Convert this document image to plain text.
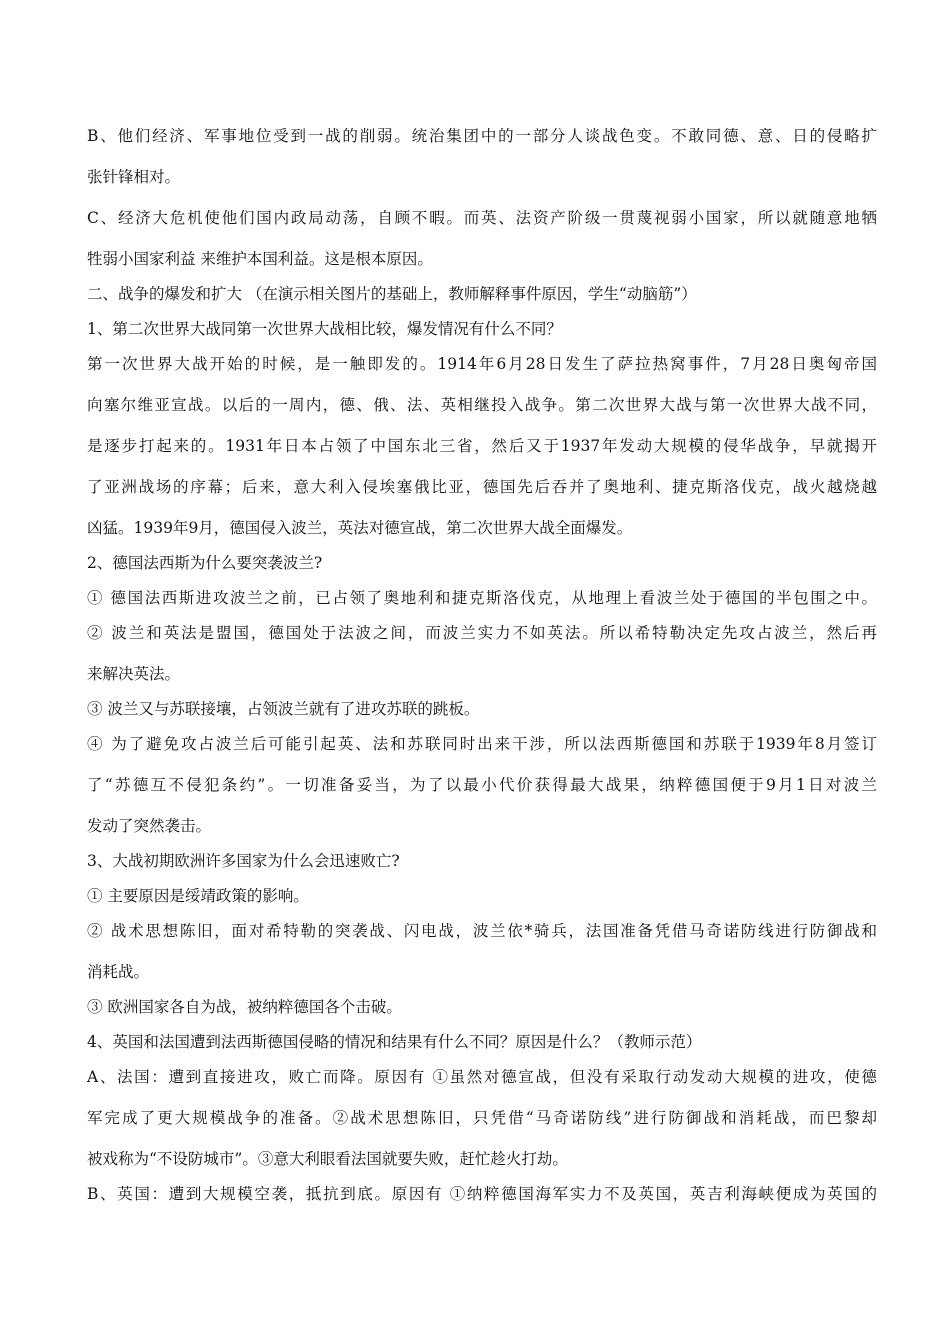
B、他们经济、军事地位受到一战的削弱。统治集团中的一部分人谈战色变。不敢同德、意、日的侵略扩

张针锋相对。

C、经济大危机使他们国内政局动荡，自顾不暇。而英、法资产阶级一贯蔑视弱小国家，所以就随意地牺

牲弱小国家利益 来维护本国利益。这是根本原因。

二、战争的爆发和扩大 （在演示相关图片的基础上，教师解释事件原因，学生“动脑筋”）

1、第二次世界大战同第一次世界大战相比较，爆发情况有什么不同？

第一次世界大战开始的时候，是一触即发的。1914年6月28日发生了萨拉热窝事件，7月28日奥匈帝国

向塞尔维亚宣战。以后的一周内，德、俄、法、英相继投入战争。第二次世界大战与第一次世界大战不同，

是逐步打起来的。1931年日本占领了中国东北三省，然后又于1937年发动大规模的侵华战争，早就揭开

了亚洲战场的序幕；后来，意大利入侵埃塞俄比亚，德国先后吞并了奥地利、捷克斯洛伐克，战火越烧越

凶猛。1939年9月，德国侵入波兰，英法对德宣战，第二次世界大战全面爆发。

2、德国法西斯为什么要突袭波兰?

① 德国法西斯进攻波兰之前，已占领了奥地利和捷克斯洛伐克，从地理上看波兰处于德国的半包围之中。

② 波兰和英法是盟国，德国处于法波之间，而波兰实力不如英法。所以希特勒决定先攻占波兰，然后再

来解决英法。

③ 波兰又与苏联接壤，占领波兰就有了进攻苏联的跳板。

④ 为了避免攻占波兰后可能引起英、法和苏联同时出来干涉，所以法西斯德国和苏联于1939年8月签订

了“苏德互不侵犯条约”。一切准备妥当，为了以最小代价获得最大战果，纳粹德国便于9月1日对波兰

发动了突然袭击。

3、大战初期欧洲许多国家为什么会迅速败亡?

① 主要原因是绥靖政策的影响。

② 战术思想陈旧，面对希特勒的突袭战、闪电战，波兰依*骑兵，法国准备凭借马奇诺防线进行防御战和

消耗战。

③ 欧洲国家各自为战，被纳粹德国各个击破。

4、英国和法国遭到法西斯德国侵略的情况和结果有什么不同？原因是什么？（教师示范）

A、法国：遭到直接进攻，败亡而降。原因有 ①虽然对德宣战，但没有采取行动发动大规模的进攻，使德

军完成了更大规模战争的准备。②战术思想陈旧，只凭借“马奇诺防线”进行防御战和消耗战，而巴黎却

被戏称为“不设防城市”。③意大利眼看法国就要失败，赶忙趁火打劫。

B、英国：遭到大规模空袭，抵抗到底。原因有 ①纳粹德国海军实力不及英国，英吉利海峡便成为英国的
